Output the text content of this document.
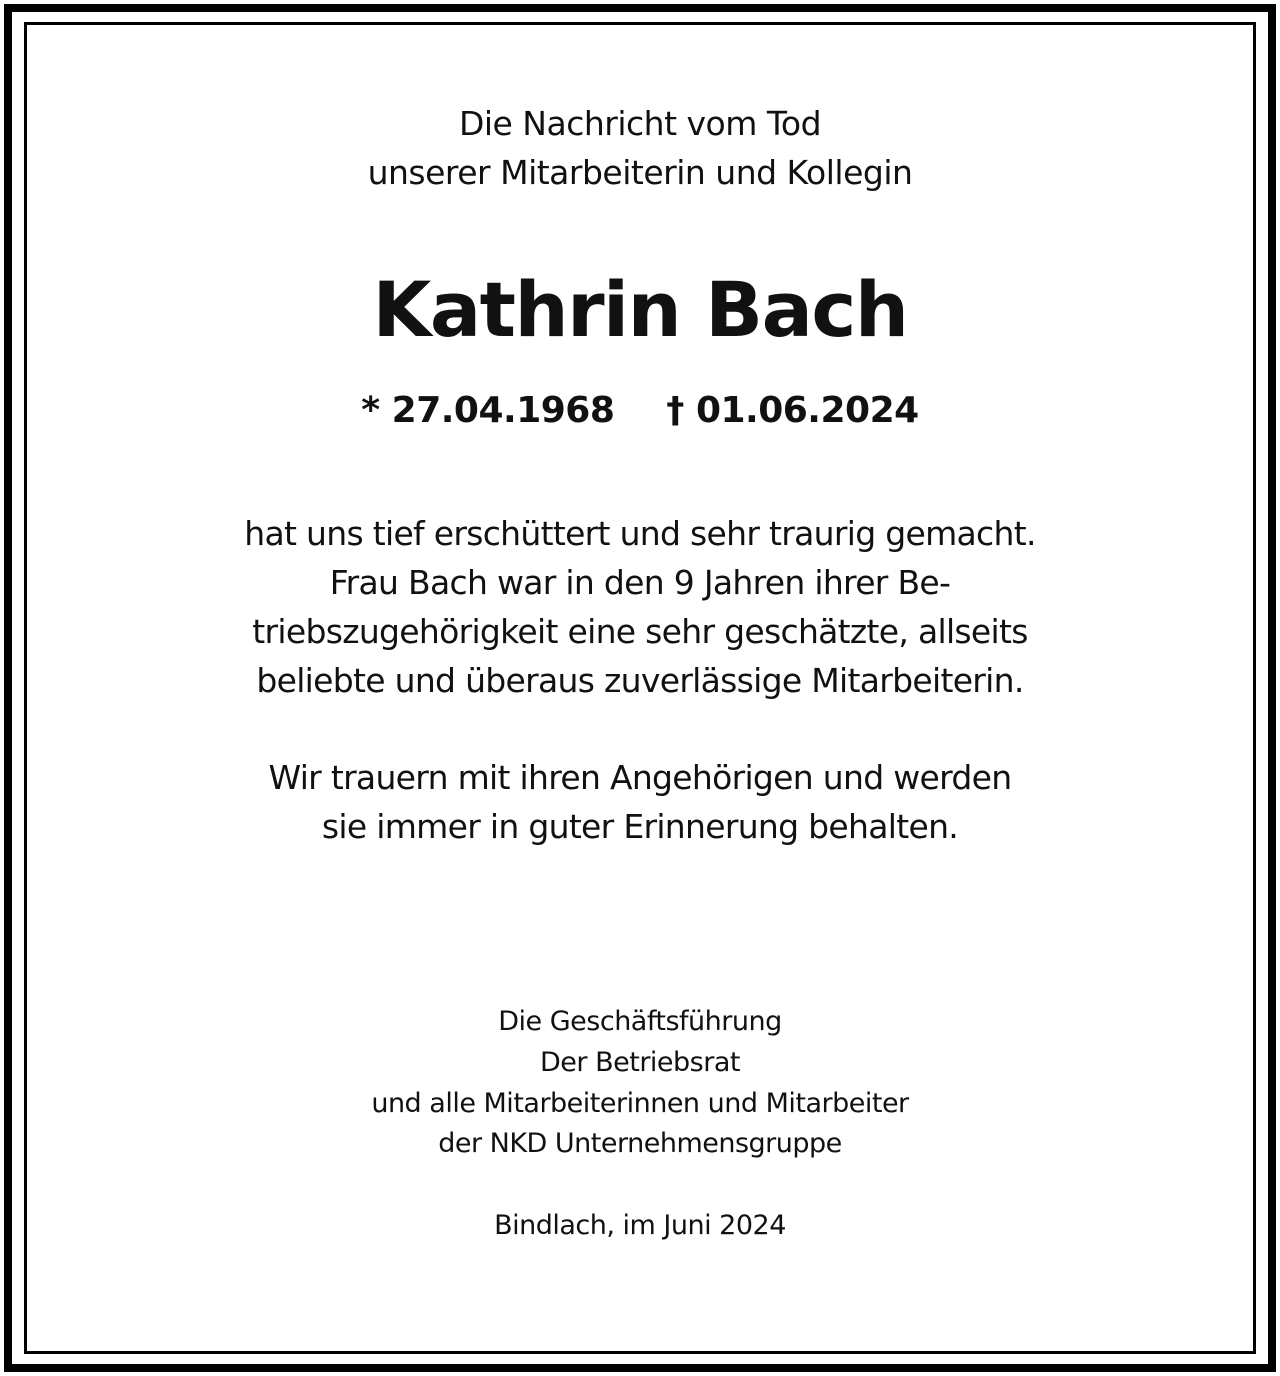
Die Nachricht vom Tod
unserer Mitarbeiterin und Kollegin
Kathrin Bach
* 27.04.1968 † 01.06.2024
hat uns tief erschüttert und sehr traurig gemacht.
Frau Bach war in den 9 Jahren ihrer Be-
triebszugehörigkeit eine sehr geschätzte, allseits
beliebte und überaus zuverlässige Mitarbeiterin.
Wir trauern mit ihren Angehörigen und werden
sie immer in guter Erinnerung behalten.
Die Geschäftsführung
Der Betriebsrat
und alle Mitarbeiterinnen und Mitarbeiter
der NKD Unternehmensgruppe
Bindlach, im Juni 2024
